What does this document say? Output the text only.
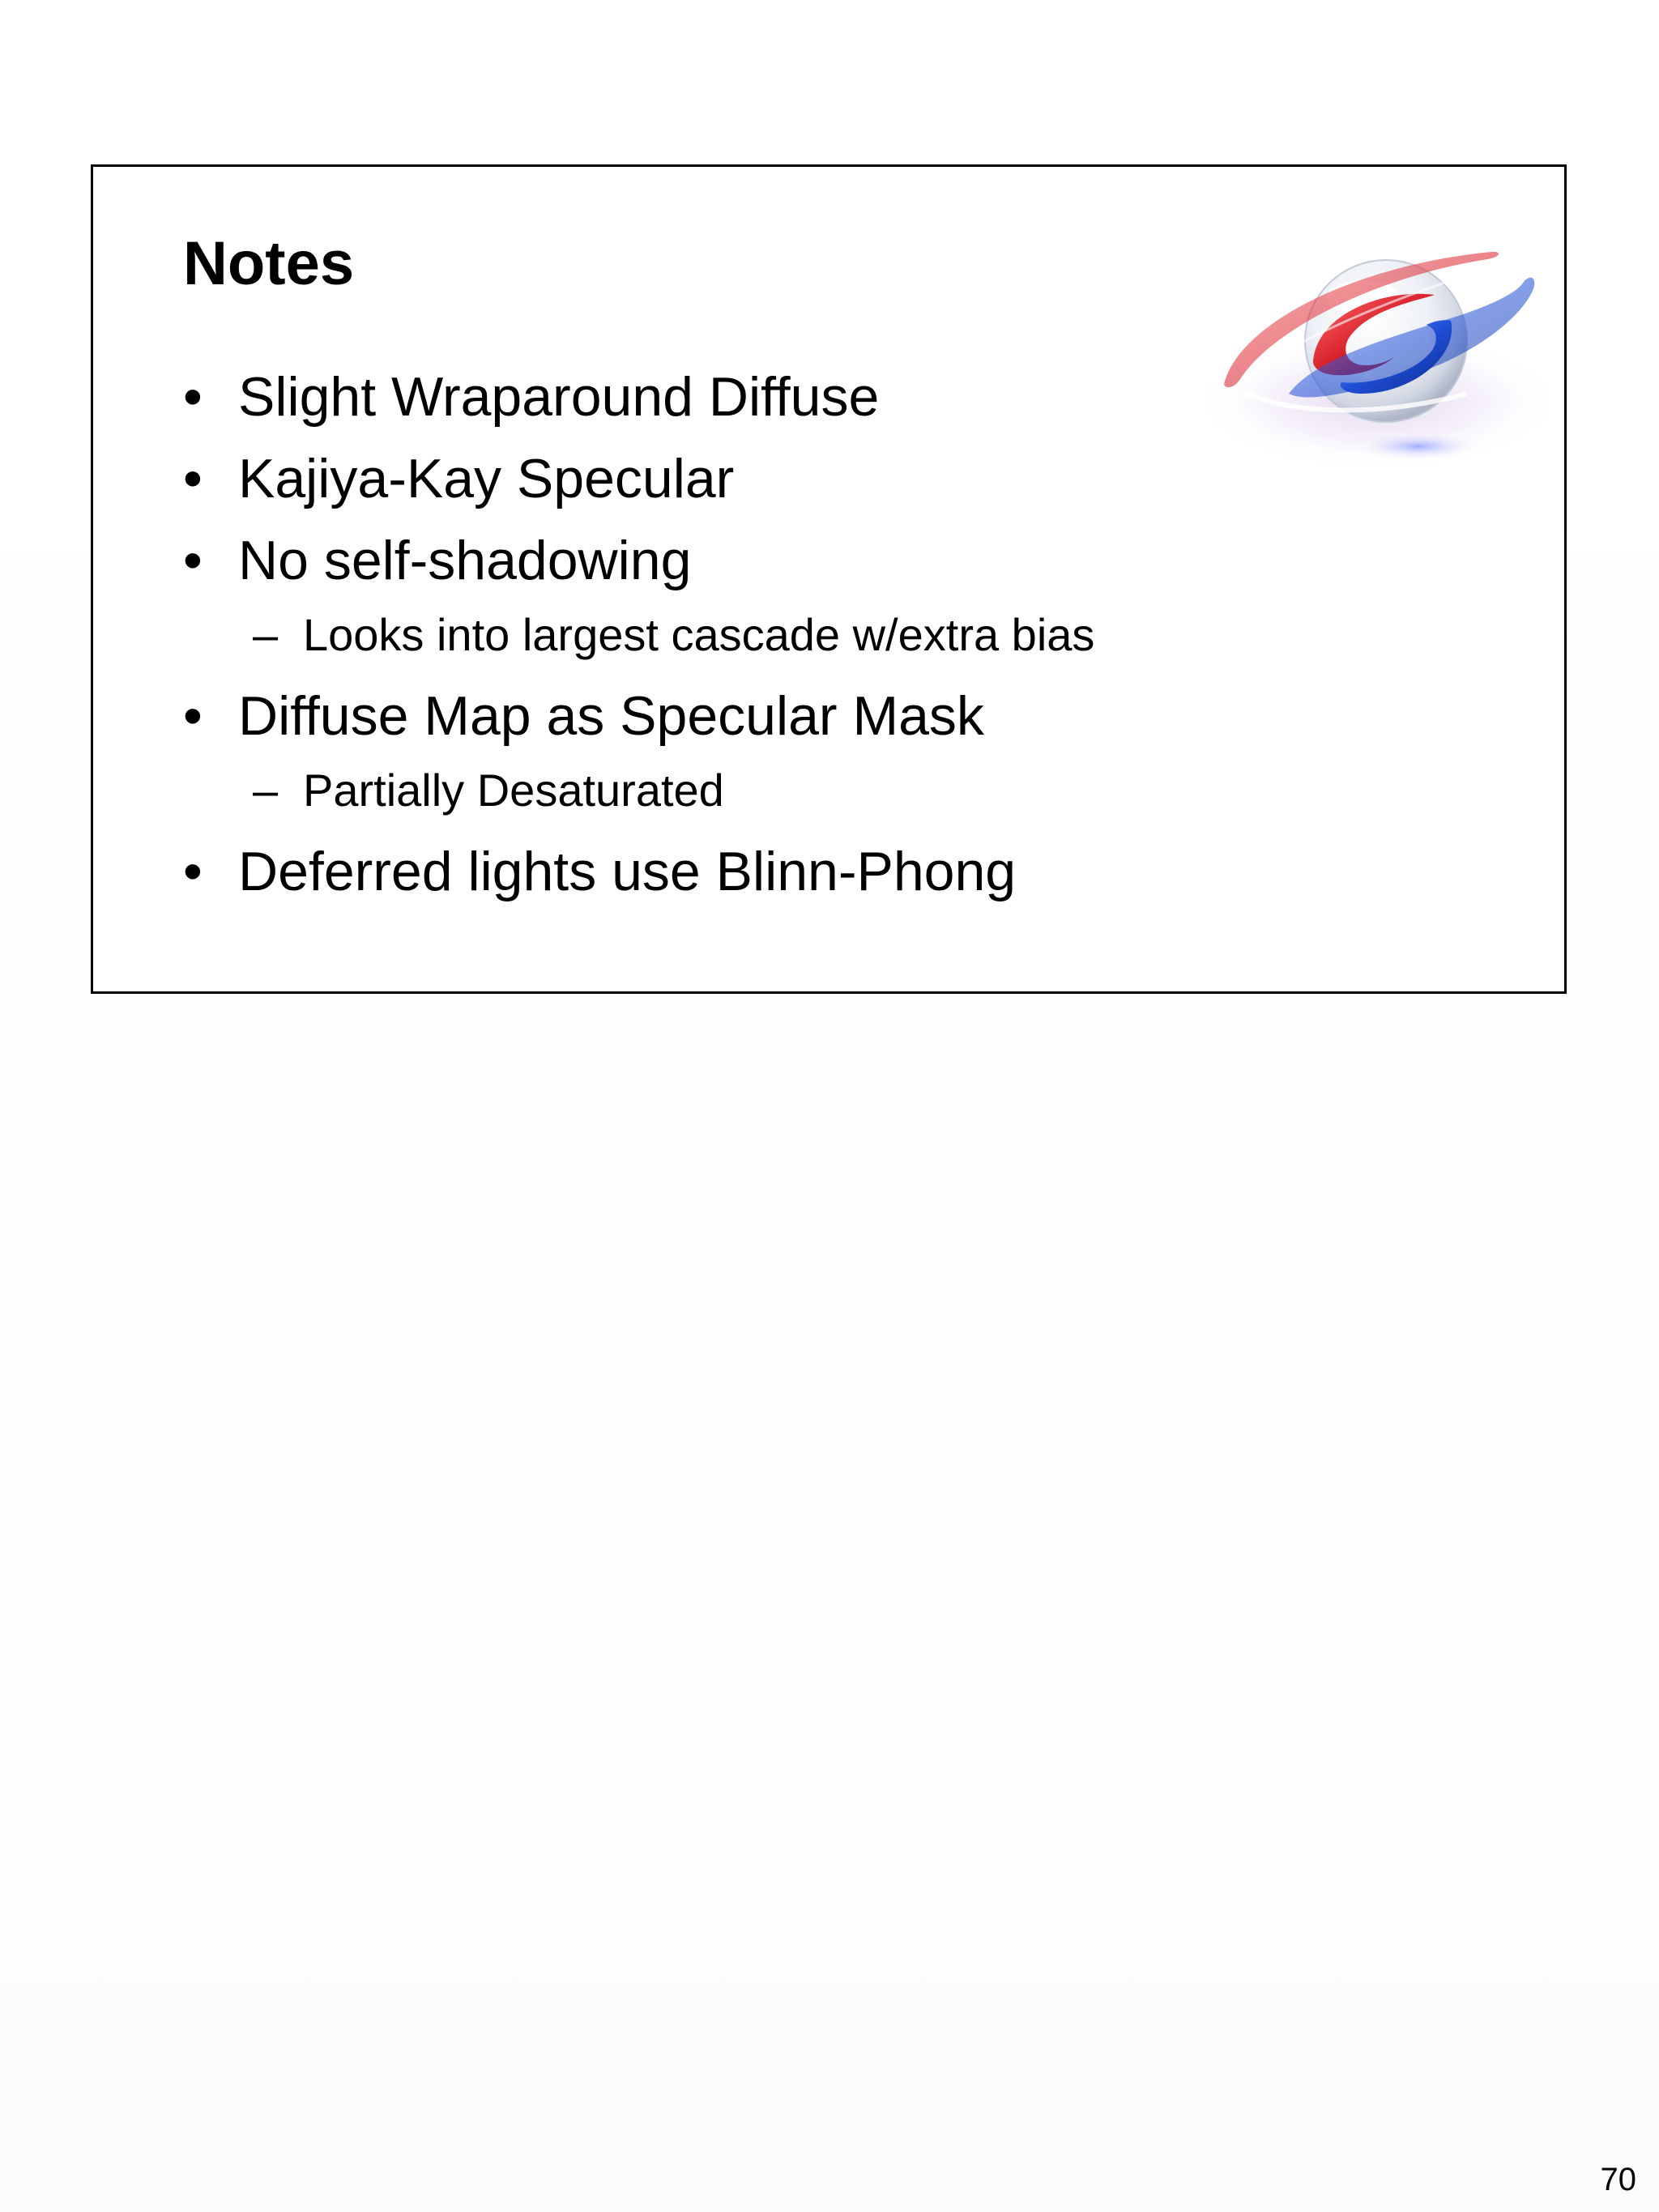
Notes
• Slight Wraparound Diffuse
• Kajiya-Kay Specular
• No self-shadowing
– Looks into largest cascade w/extra bias
• Diffuse Map as Specular Mask
– Partially Desaturated
• Deferred lights use Blinn-Phong
70
